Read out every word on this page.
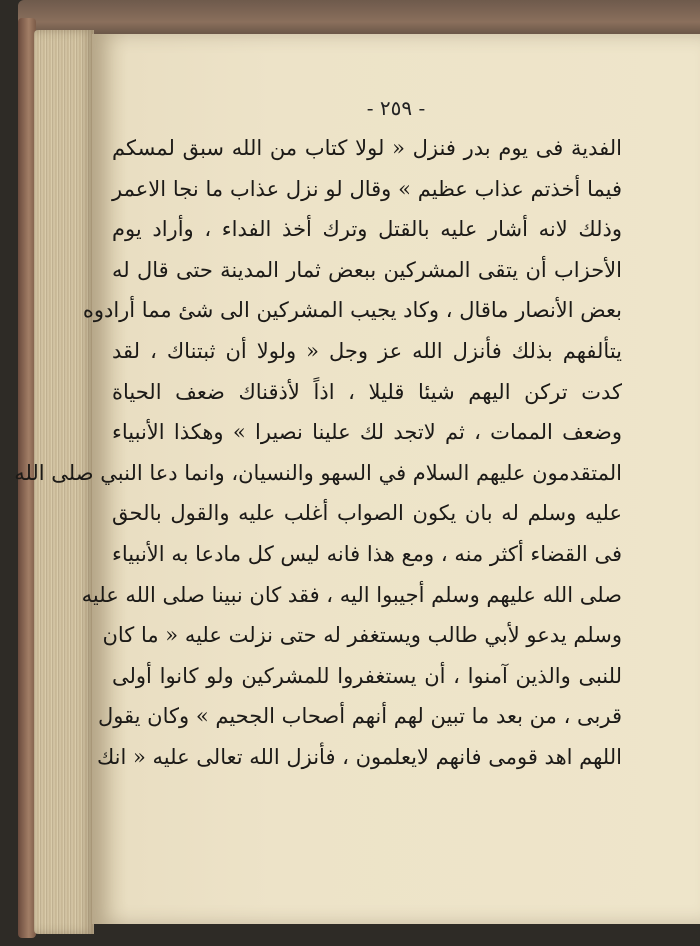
- ٢٥٩ -
الفدية فى يوم بدر فنزل « لولا كتاب من الله سبق لمسكم
فيما أخذتم عذاب عظيم » وقال لو نزل عذاب ما نجا الاعمر
وذلك لانه أشار عليه بالقتل وترك أخذ الفداء ، وأراد يوم
الأحزاب أن يتقى المشركين ببعض ثمار المدينة حتى قال له
بعض الأنصار ماقال ، وكاد يجيب المشركين الى شئ مما أرادوه
يتألفهم بذلك فأنزل الله عز وجل « ولولا أن ثبتناك ، لقد
كدت تركن اليهم شيئا قليلا ، اذاً لأذقناك ضعف الحياة
وضعف الممات ، ثم لاتجد لك علينا نصيرا » وهكذا الأنبياء
المتقدمون عليهم السلام في السهو والنسيان، وانما دعا النبي صلى الله
عليه وسلم له بان يكون الصواب أغلب عليه والقول بالحق
فى القضاء أكثر منه ، ومع هذا فانه ليس كل مادعا به الأنبياء
صلى الله عليهم وسلم أجيبوا اليه ، فقد كان نبينا صلى الله عليه
وسلم يدعو لأبي طالب ويستغفر له حتى نزلت عليه « ما كان
للنبى والذين آمنوا ، أن يستغفروا للمشركين ولو كانوا أولى
قربى ، من بعد ما تبين لهم أنهم أصحاب الجحيم » وكان يقول
اللهم اهد قومى فانهم لايعلمون ، فأنزل الله تعالى عليه « انك
